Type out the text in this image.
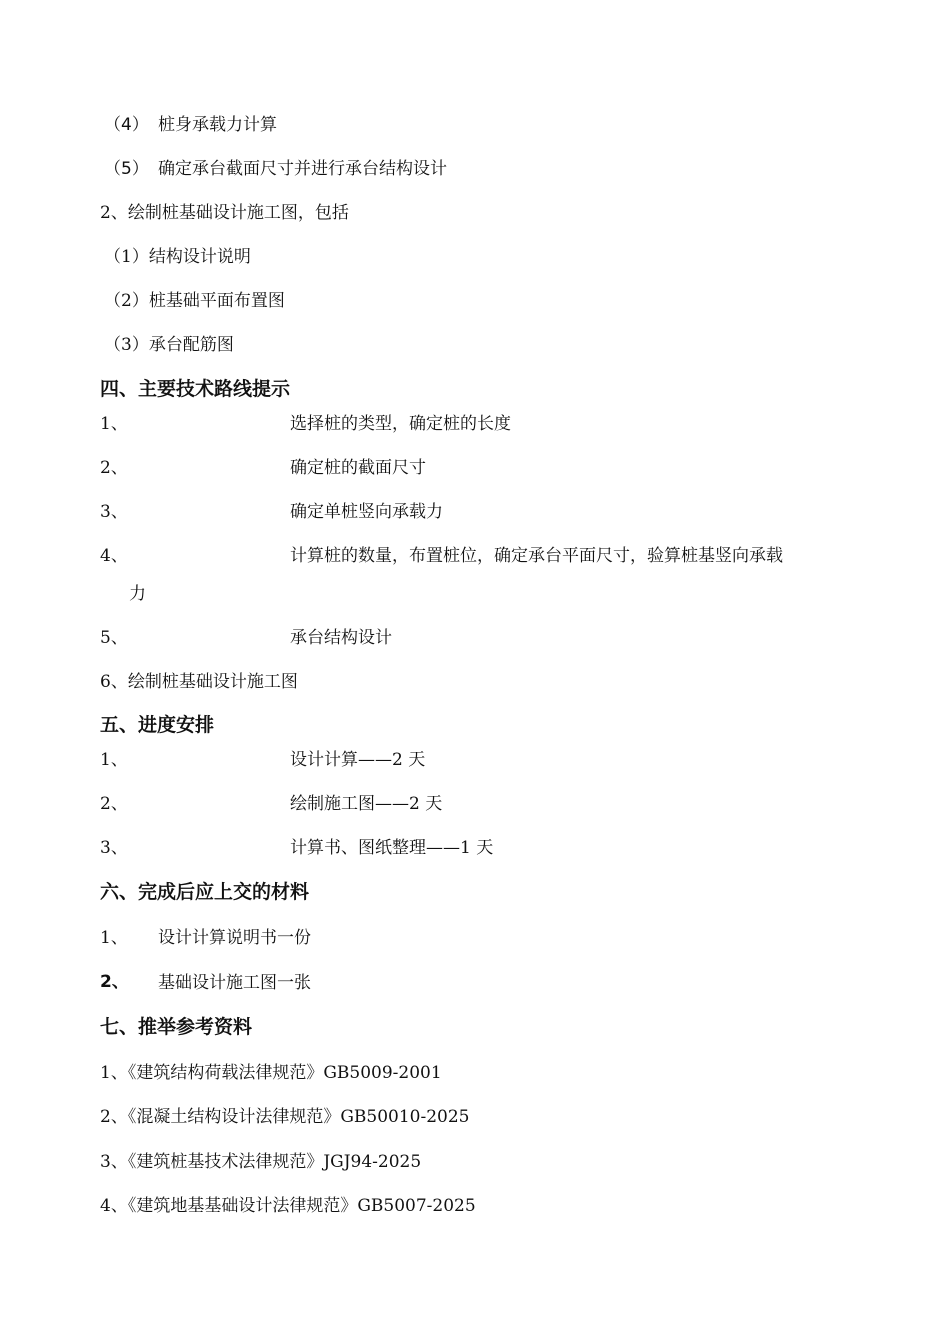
（4） 桩身承载力计算
（5） 确定承台截面尺寸并进行承台结构设计
2、绘制桩基础设计施工图，包括
（1）结构设计说明
（2）桩基础平面布置图
（3）承台配筋图
四、主要技术路线提示
1、	选择桩的类型，确定桩的长度
2、	确定桩的截面尺寸
3、	确定单桩竖向承载力
4、	计算桩的数量，布置桩位，确定承台平面尺寸，验算桩基竖向承载
力
5、	承台结构设计
6、绘制桩基础设计施工图
五、进度安排
1、	设计计算——2 天
2、	绘制施工图——2 天
3、	计算书、图纸整理——1 天
六、完成后应上交的材料
1、 设计计算说明书一份
2、 基础设计施工图一张
七、推举参考资料
1、《建筑结构荷载法律规范》GB5009-2001
2、《混凝土结构设计法律规范》GB50010-2025
3、《建筑桩基技术法律规范》JGJ94-2025
4、《建筑地基基础设计法律规范》GB5007-2025
